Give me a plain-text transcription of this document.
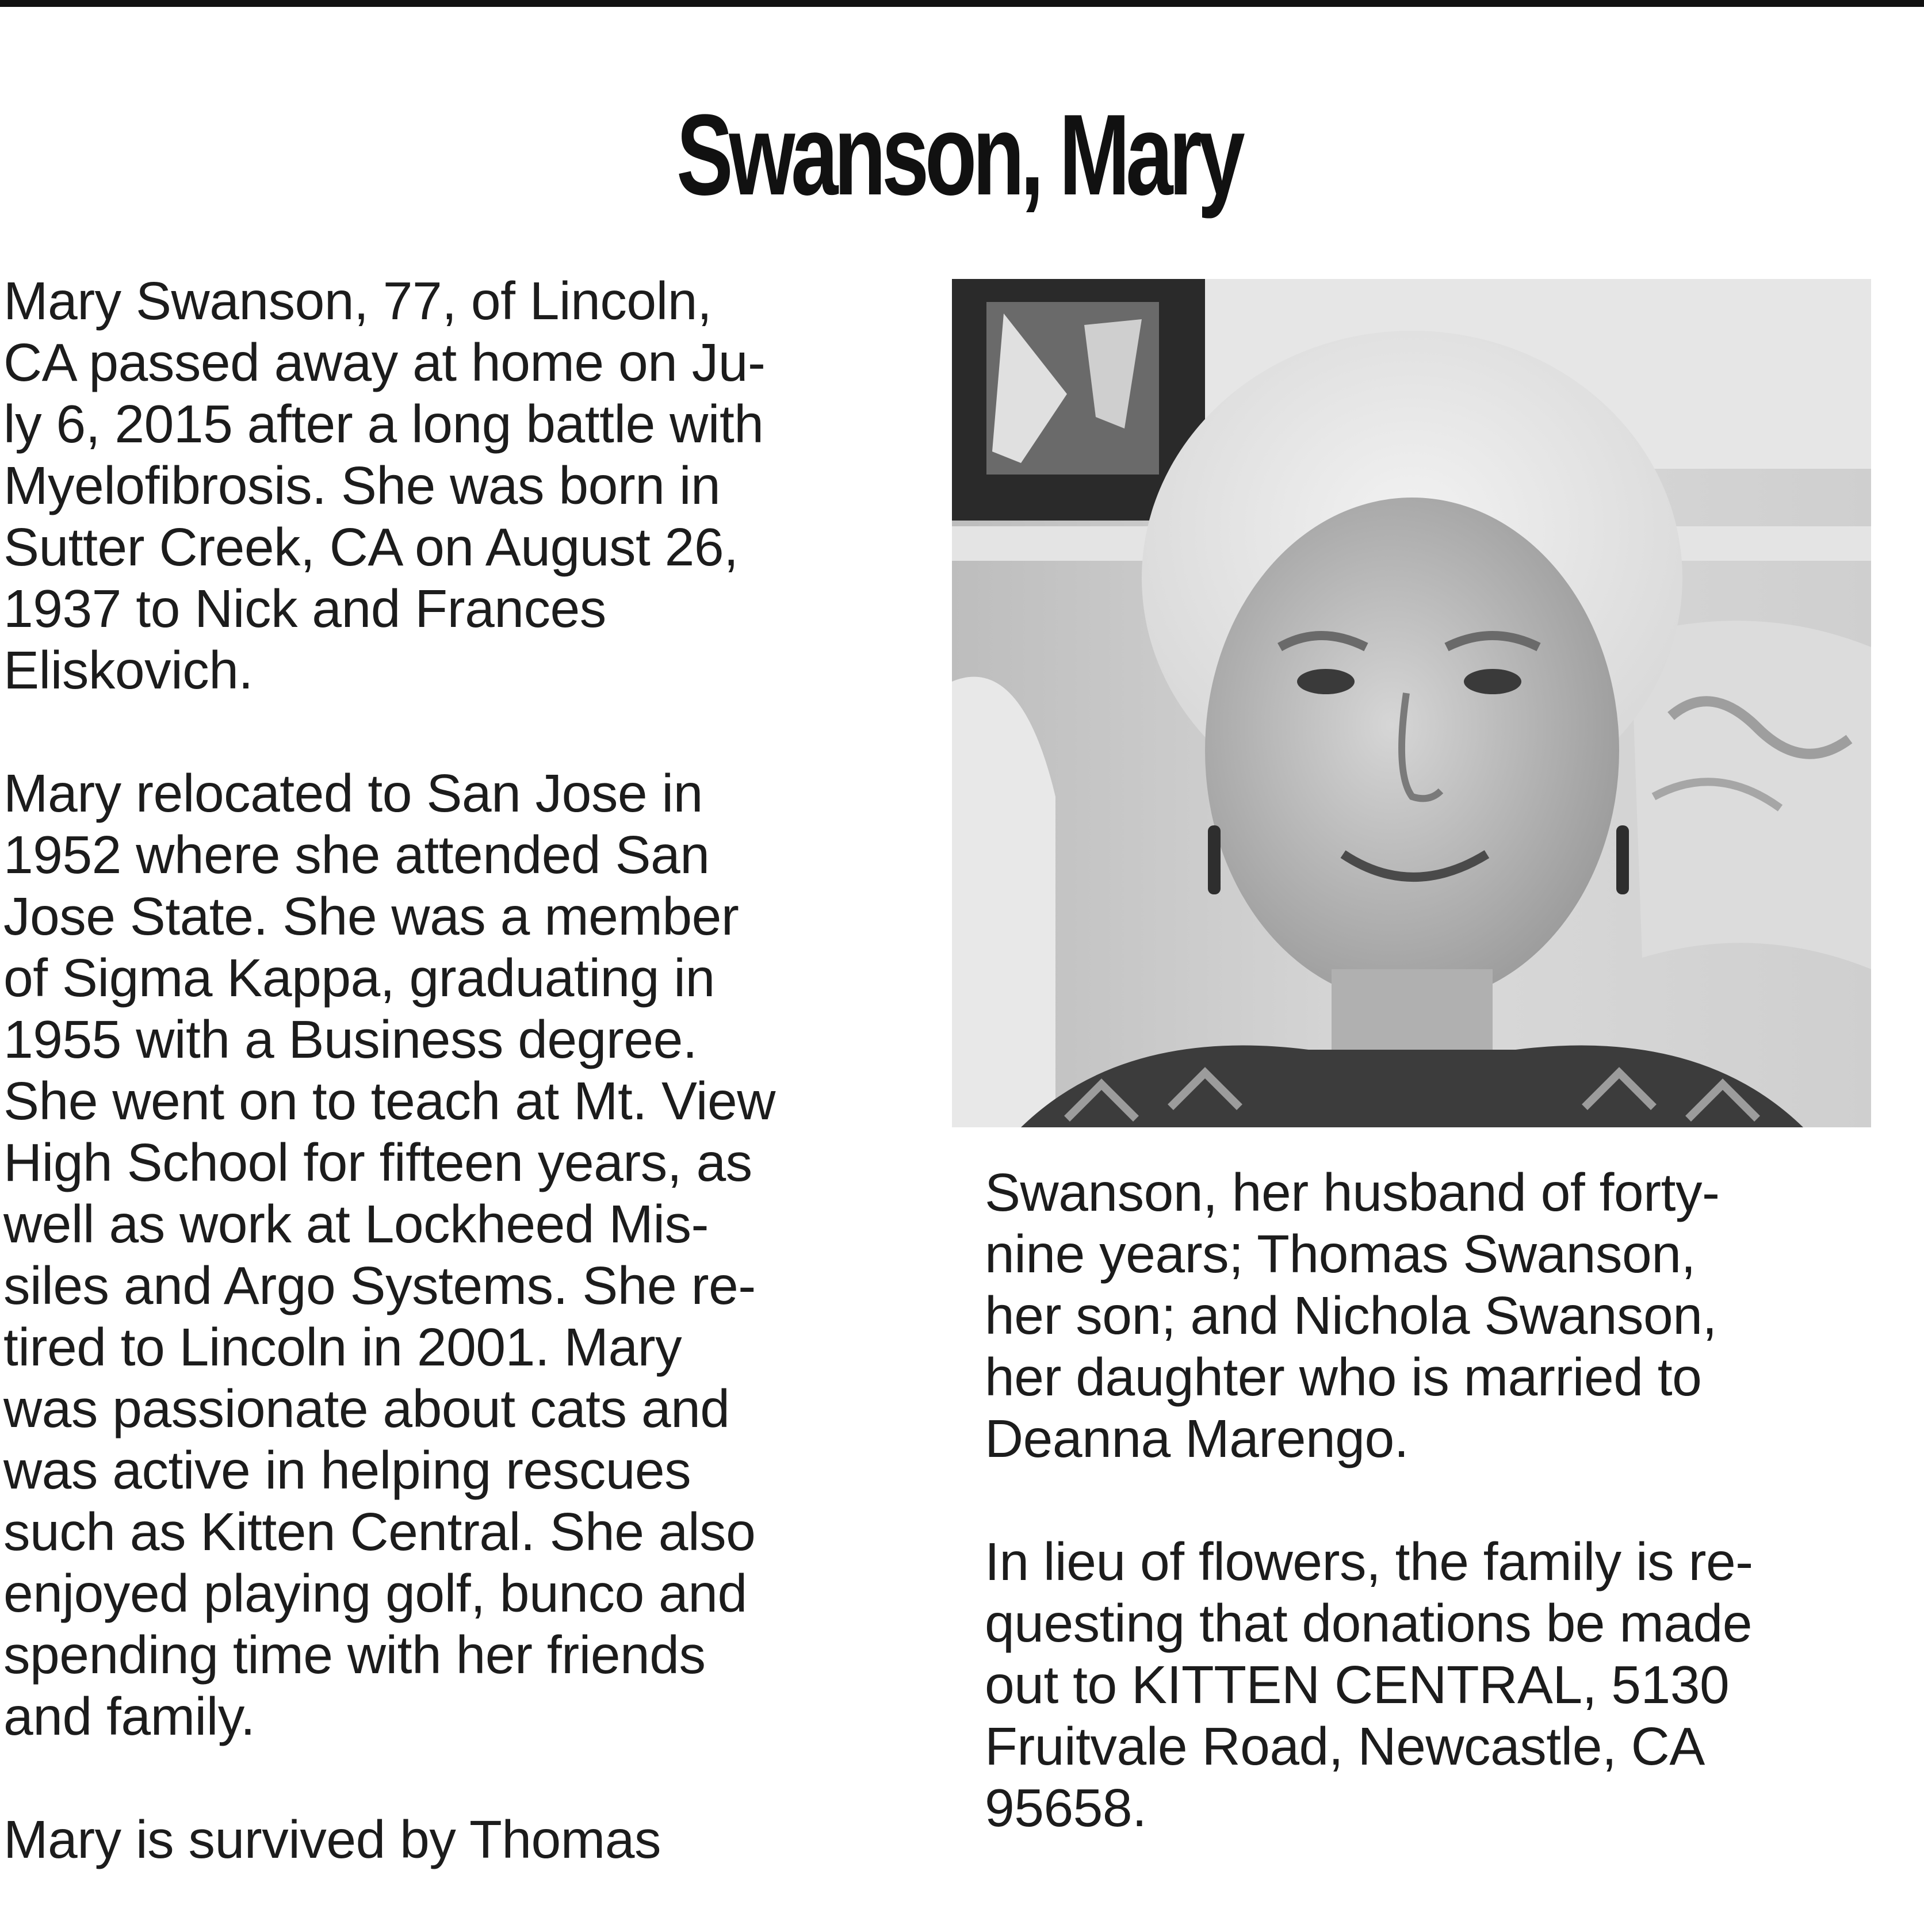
Swanson, Mary

Mary Swanson, 77, of Lincoln,
CA passed away at home on Ju-
ly 6, 2015 after a long battle with
Myelofibrosis. She was born in
Sutter Creek, CA on August 26,
1937 to Nick and Frances
Eliskovich.

Mary relocated to San Jose in
1952 where she attended San
Jose State. She was a member
of Sigma Kappa, graduating in
1955 with a Business degree.
She went on to teach at Mt. View
High School for fifteen years, as
well as work at Lockheed Mis-
siles and Argo Systems. She re-
tired to Lincoln in 2001. Mary
was passionate about cats and
was active in helping rescues
such as Kitten Central. She also
enjoyed playing golf, bunco and
spending time with her friends
and family.

Mary is survived by Thomas

Swanson, her husband of forty-
nine years; Thomas Swanson,
her son; and Nichola Swanson,
her daughter who is married to
Deanna Marengo.

In lieu of flowers, the family is re-
questing that donations be made
out to KITTEN CENTRAL, 5130
Fruitvale Road, Newcastle, CA
95658.
